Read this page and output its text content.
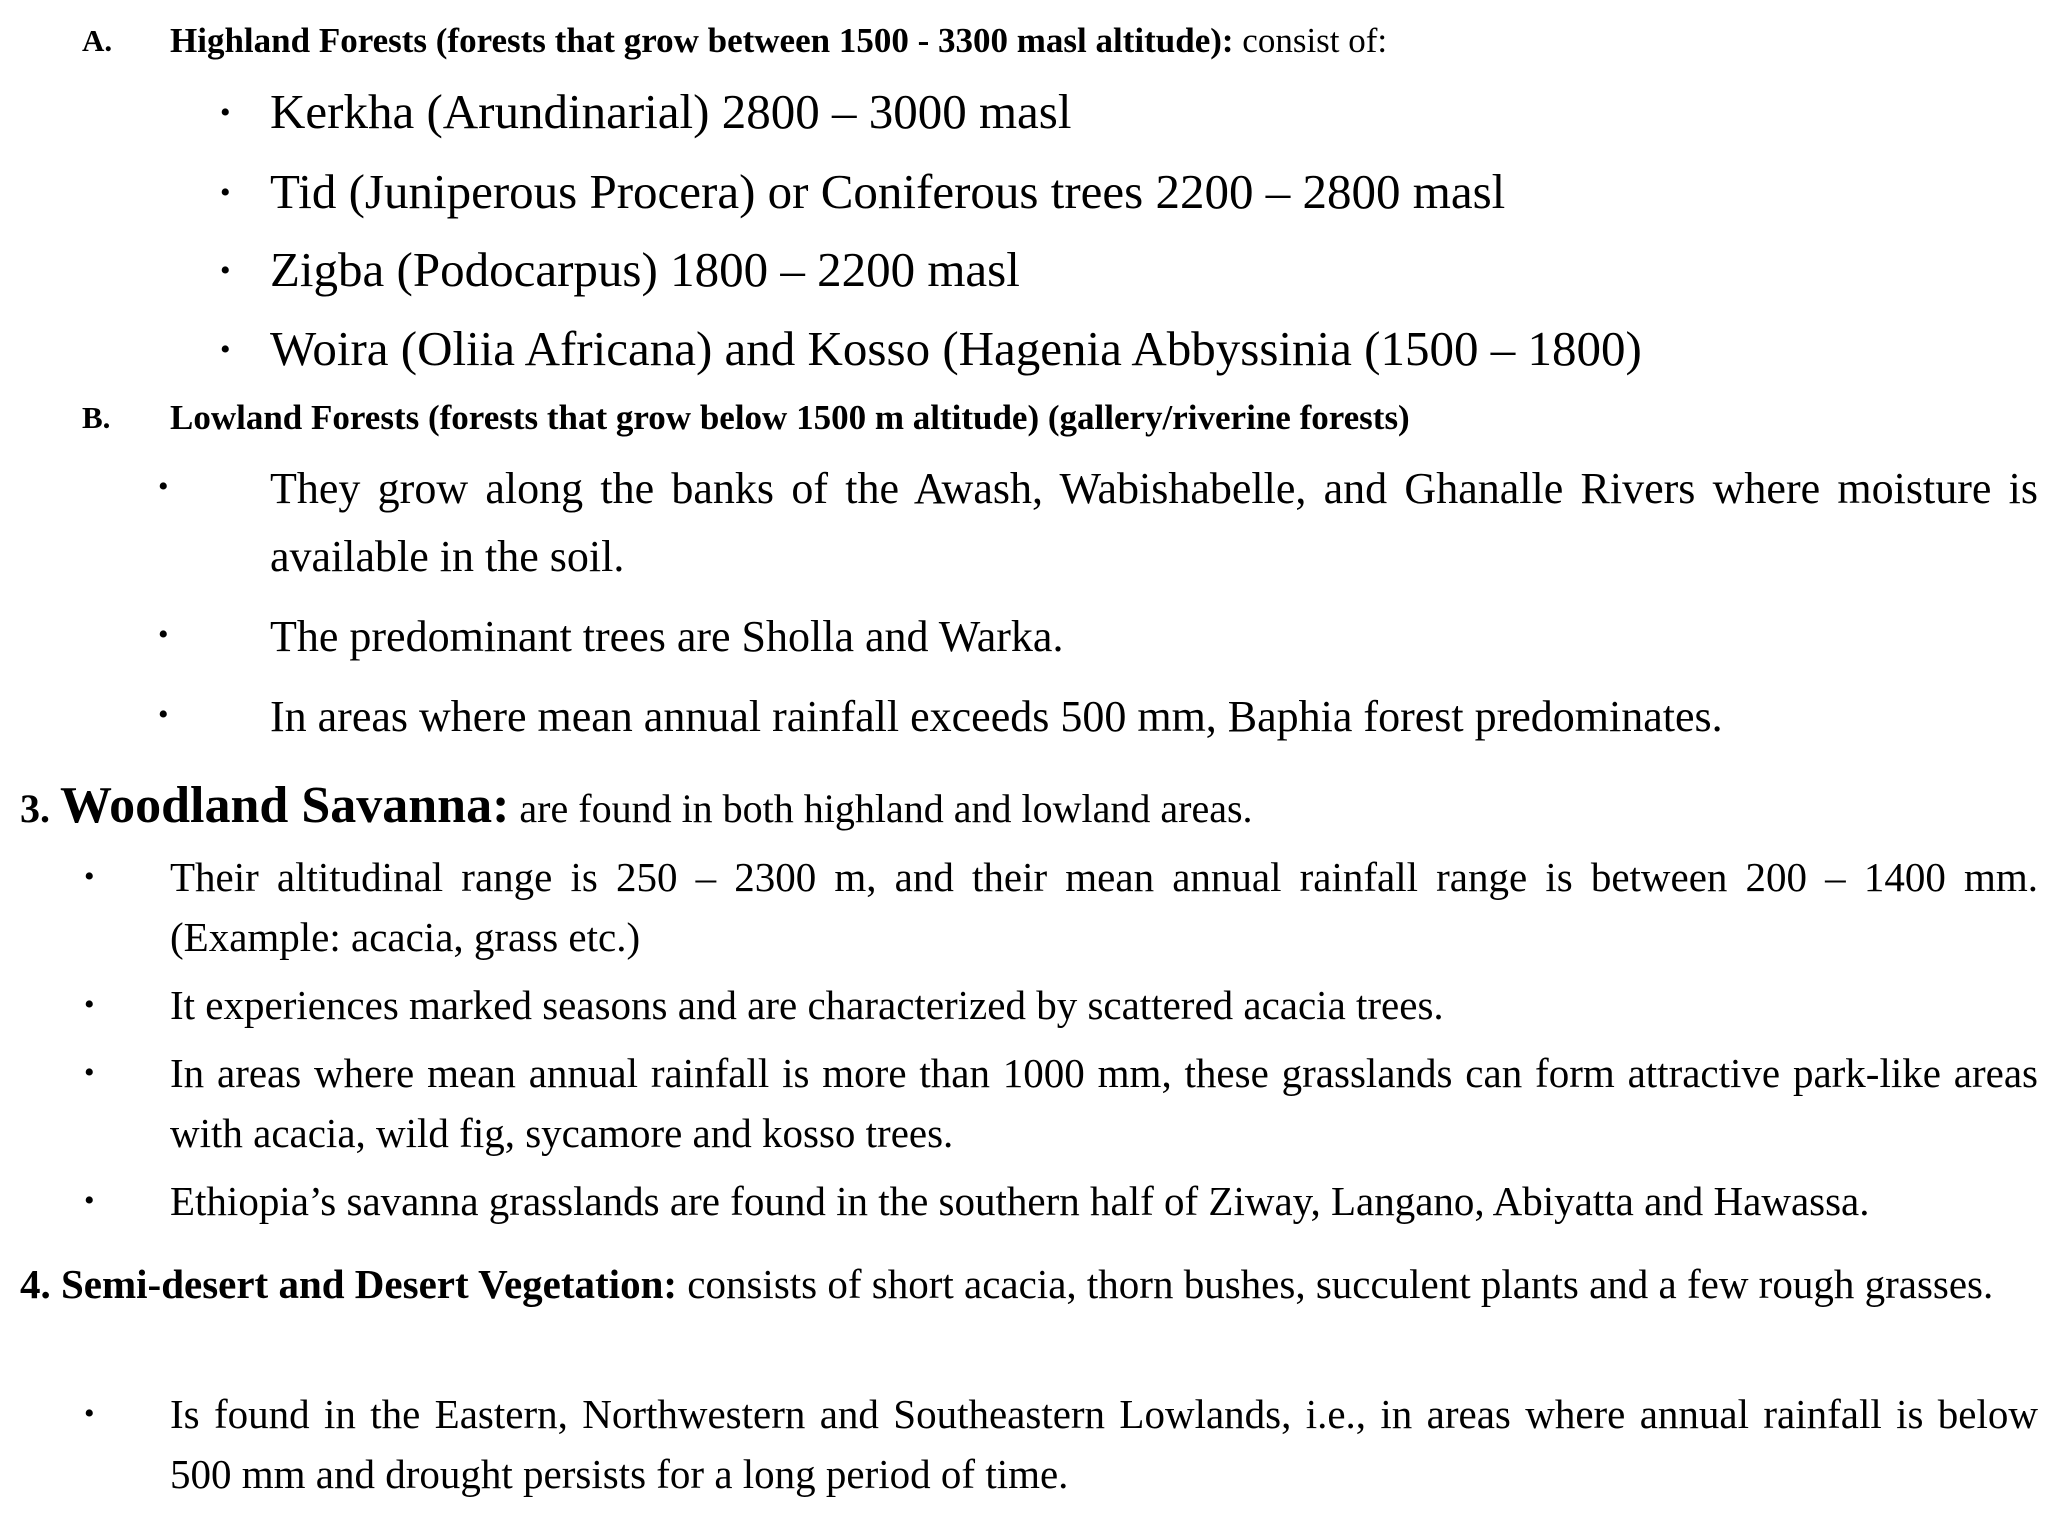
A. Highland Forests (forests that grow between 1500 - 3300 masl altitude): consist of:
• Kerkha (Arundinarial) 2800 – 3000 masl
• Tid (Juniperous Procera) or Coniferous trees 2200 – 2800 masl
• Zigba (Podocarpus) 1800 – 2200 masl
• Woira (Oliia Africana) and Kosso (Hagenia Abbyssinia (1500 – 1800)
B. Lowland Forests (forests that grow below 1500 m altitude) (gallery/riverine forests)
• They grow along the banks of the Awash, Wabishabelle, and Ghanalle Rivers where moisture is available in the soil.
• The predominant trees are Sholla and Warka.
• In areas where mean annual rainfall exceeds 500 mm, Baphia forest predominates.
3. Woodland Savanna: are found in both highland and lowland areas.
• Their altitudinal range is 250 – 2300 m, and their mean annual rainfall range is between 200 – 1400 mm. (Example: acacia, grass etc.)
• It experiences marked seasons and are characterized by scattered acacia trees.
• In areas where mean annual rainfall is more than 1000 mm, these grasslands can form attractive park-like areas with acacia, wild fig, sycamore and kosso trees.
• Ethiopia’s savanna grasslands are found in the southern half of Ziway, Langano, Abiyatta and Hawassa.
4. Semi-desert and Desert Vegetation: consists of short acacia, thorn bushes, succulent plants and a few rough grasses.
• Is found in the Eastern, Northwestern and Southeastern Lowlands, i.e., in areas where annual rainfall is below 500 mm and drought persists for a long period of time.
